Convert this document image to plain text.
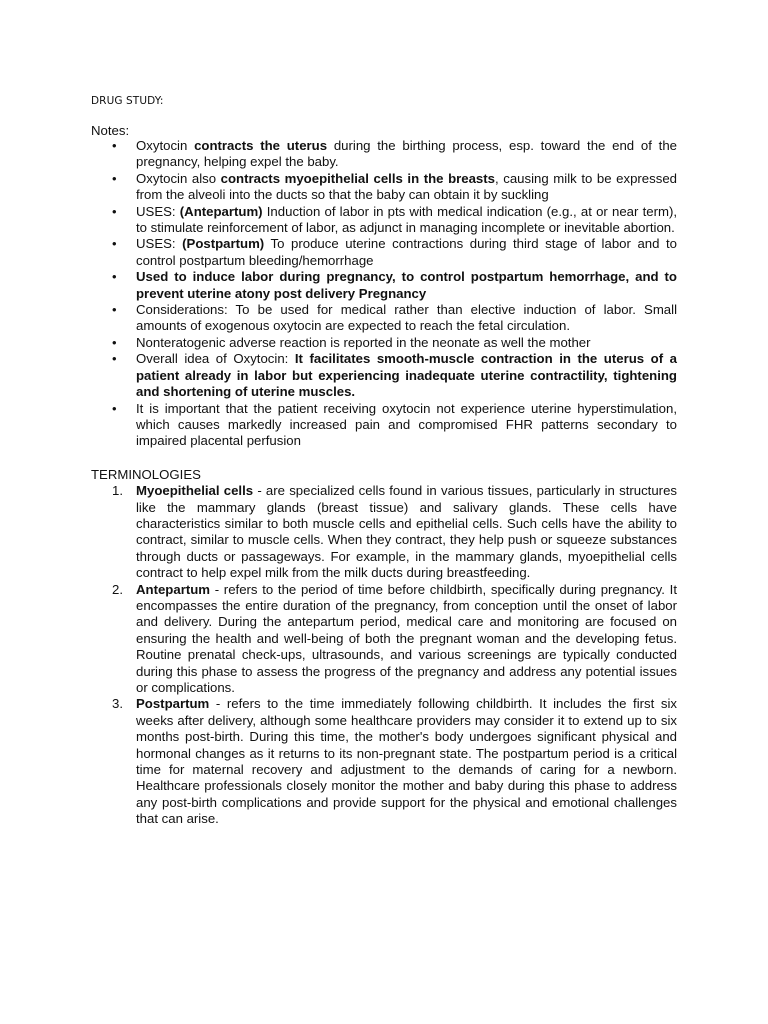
DRUG STUDY:
Notes:
• Oxytocin contracts the uterus during the birthing process, esp. toward the end of the pregnancy, helping expel the baby.
• Oxytocin also contracts myoepithelial cells in the breasts, causing milk to be expressed from the alveoli into the ducts so that the baby can obtain it by suckling
• USES: (Antepartum) Induction of labor in pts with medical indication (e.g., at or near term), to stimulate reinforcement of labor, as adjunct in managing incomplete or inevitable abortion.
• USES: (Postpartum) To produce uterine contractions during third stage of labor and to control postpartum bleeding/hemorrhage
• Used to induce labor during pregnancy, to control postpartum hemorrhage, and to prevent uterine atony post delivery Pregnancy
• Considerations: To be used for medical rather than elective induction of labor. Small amounts of exogenous oxytocin are expected to reach the fetal circulation.
• Nonteratogenic adverse reaction is reported in the neonate as well the mother
• Overall idea of Oxytocin: It facilitates smooth-muscle contraction in the uterus of a patient already in labor but experiencing inadequate uterine contractility, tightening and shortening of uterine muscles.
• It is important that the patient receiving oxytocin not experience uterine hyperstimulation, which causes markedly increased pain and compromised FHR patterns secondary to impaired placental perfusion
TERMINOLOGIES
1. Myoepithelial cells - are specialized cells found in various tissues, particularly in structures like the mammary glands (breast tissue) and salivary glands. These cells have characteristics similar to both muscle cells and epithelial cells. Such cells have the ability to contract, similar to muscle cells. When they contract, they help push or squeeze substances through ducts or passageways. For example, in the mammary glands, myoepithelial cells contract to help expel milk from the milk ducts during breastfeeding.
2. Antepartum - refers to the period of time before childbirth, specifically during pregnancy. It encompasses the entire duration of the pregnancy, from conception until the onset of labor and delivery. During the antepartum period, medical care and monitoring are focused on ensuring the health and well-being of both the pregnant woman and the developing fetus. Routine prenatal check-ups, ultrasounds, and various screenings are typically conducted during this phase to assess the progress of the pregnancy and address any potential issues or complications.
3. Postpartum - refers to the time immediately following childbirth. It includes the first six weeks after delivery, although some healthcare providers may consider it to extend up to six months post-birth. During this time, the mother's body undergoes significant physical and hormonal changes as it returns to its non-pregnant state. The postpartum period is a critical time for maternal recovery and adjustment to the demands of caring for a newborn. Healthcare professionals closely monitor the mother and baby during this phase to address any post-birth complications and provide support for the physical and emotional challenges that can arise.
